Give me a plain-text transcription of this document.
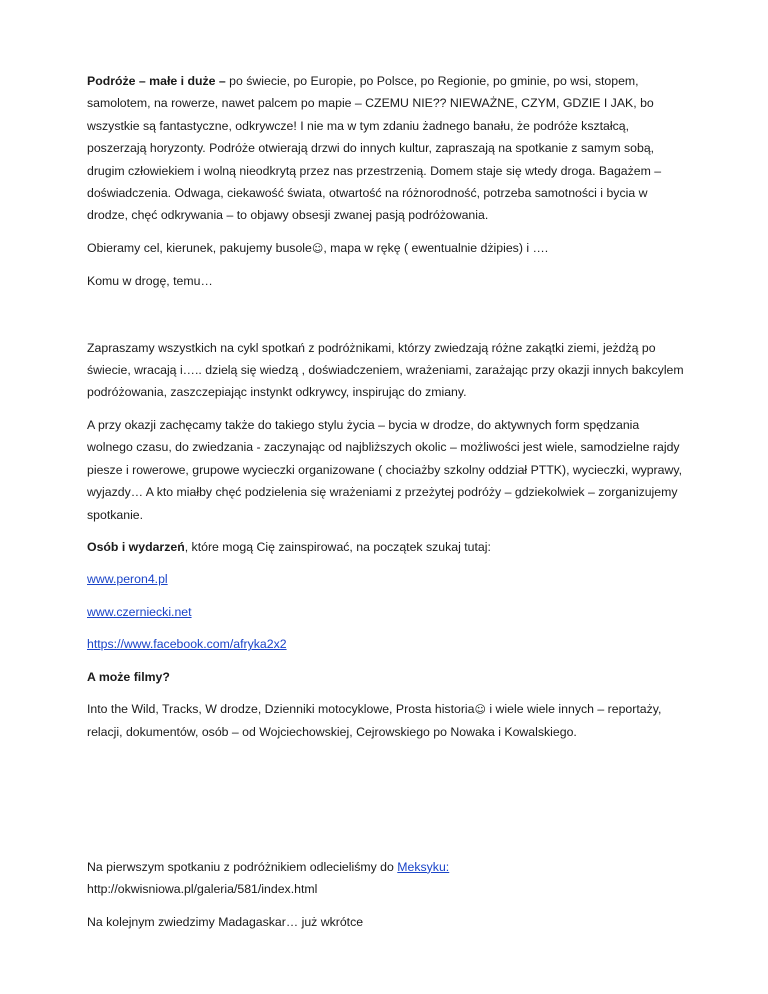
Podróże – małe i duże – po świecie, po Europie, po Polsce, po Regionie, po gminie, po wsi, stopem, samolotem, na rowerze, nawet palcem po mapie – CZEMU NIE?? NIEWAŻNE, CZYM, GDZIE I JAK, bo wszystkie są fantastyczne, odkrywcze! I nie ma w tym zdaniu żadnego banału, że podróże kształcą, poszerzają horyzonty. Podróże otwierają drzwi do innych kultur, zapraszają na spotkanie z samym sobą, drugim człowiekiem i wolną nieodkrytą przez nas przestrzenią. Domem staje się wtedy droga. Bagażem – doświadczenia. Odwaga, ciekawość świata, otwartość na różnorodność, potrzeba samotności i bycia w drodze, chęć odkrywania – to objawy obsesji zwanej pasją podróżowania.

Obieramy cel, kierunek, pakujemy busole☺, mapa w rękę ( ewentualnie dżipies) i ….

Komu w drogę, temu…

Zapraszamy wszystkich na cykl spotkań z podróżnikami, którzy zwiedzają różne zakątki ziemi, jeżdżą po świecie, wracają i….. dzielą się wiedzą , doświadczeniem, wrażeniami, zarażając przy okazji innych bakcylem podróżowania, zaszczepiając instynkt odkrywcy, inspirując do zmiany.

A przy okazji zachęcamy także do takiego stylu życia – bycia w drodze, do aktywnych form spędzania wolnego czasu, do zwiedzania - zaczynając od najbliższych okolic – możliwości jest wiele, samodzielne rajdy piesze i rowerowe, grupowe wycieczki organizowane ( chociażby szkolny oddział PTTK), wycieczki, wyprawy, wyjazdy… A kto miałby chęć podzielenia się wrażeniami z przeżytej podróży – gdziekolwiek – zorganizujemy spotkanie.

Osób i wydarzeń, które mogą Cię zainspirować, na początek szukaj tutaj:

www.peron4.pl

www.czerniecki.net

https://www.facebook.com/afryka2x2

A może filmy?

Into the Wild, Tracks, W drodze, Dzienniki motocyklowe, Prosta historia☺ i wiele wiele innych – reportaży, relacji, dokumentów, osób – od Wojciechowskiej, Cejrowskiego po Nowaka i Kowalskiego.

Na pierwszym spotkaniu z podróżnikiem odlecieliśmy do Meksyku:
http://okwisniowa.pl/galeria/581/index.html

Na kolejnym zwiedzimy Madagaskar… już wkrótce
